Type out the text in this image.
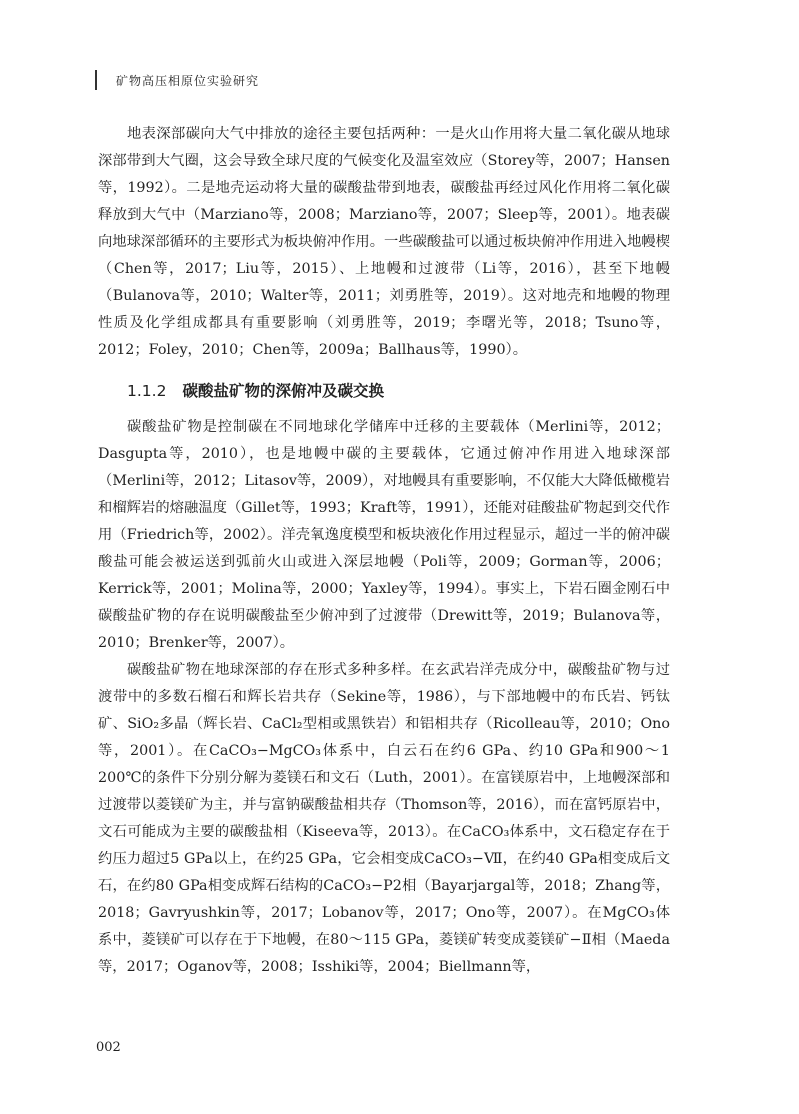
矿物高压相原位实验研究

地表深部碳向大气中排放的途径主要包括两种：一是火山作用将大量二氧化碳从地球深部带到大气圈，这会导致全球尺度的气候变化及温室效应（Storey等，2007；Hansen等，1992）。二是地壳运动将大量的碳酸盐带到地表，碳酸盐再经过风化作用将二氧化碳释放到大气中（Marziano等，2008；Marziano等，2007；Sleep等，2001）。地表碳向地球深部循环的主要形式为板块俯冲作用。一些碳酸盐可以通过板块俯冲作用进入地幔楔（Chen等，2017；Liu等，2015）、上地幔和过渡带（Li等，2016），甚至下地幔（Bulanova等，2010；Walter等，2011；刘勇胜等，2019）。这对地壳和地幔的物理性质及化学组成都具有重要影响（刘勇胜等，2019；李曙光等，2018；Tsuno等，2012；Foley，2010；Chen等，2009a；Ballhaus等，1990）。

1.1.2 碳酸盐矿物的深俯冲及碳交换

碳酸盐矿物是控制碳在不同地球化学储库中迁移的主要载体（Merlini等，2012；Dasgupta等，2010），也是地幔中碳的主要载体，它通过俯冲作用进入地球深部（Merlini等，2012；Litasov等，2009），对地幔具有重要影响，不仅能大大降低橄榄岩和榴辉岩的熔融温度（Gillet等，1993；Kraft等，1991），还能对硅酸盐矿物起到交代作用（Friedrich等，2002）。洋壳氧逸度模型和板块液化作用过程显示，超过一半的俯冲碳酸盐可能会被运送到弧前火山或进入深层地幔（Poli等，2009；Gorman等，2006；Kerrick等，2001；Molina等，2000；Yaxley等，1994）。事实上，下岩石圈金刚石中碳酸盐矿物的存在说明碳酸盐至少俯冲到了过渡带（Drewitt等，2019；Bulanova等，2010；Brenker等，2007）。

碳酸盐矿物在地球深部的存在形式多种多样。在玄武岩洋壳成分中，碳酸盐矿物与过渡带中的多数石榴石和辉长岩共存（Sekine等，1986），与下部地幔中的布氏岩、钙钛矿、SiO₂多晶（辉长岩、CaCl₂型相或黑铁岩）和铝相共存（Ricolleau等，2010；Ono等，2001）。在CaCO₃−MgCO₃体系中，白云石在约6 GPa、约10 GPa和900～1 200℃的条件下分别分解为菱镁石和文石（Luth，2001）。在富镁原岩中，上地幔深部和过渡带以菱镁矿为主，并与富钠碳酸盐相共存（Thomson等，2016），而在富钙原岩中，文石可能成为主要的碳酸盐相（Kiseeva等，2013）。在CaCO₃体系中，文石稳定存在于约压力超过5 GPa以上，在约25 GPa，它会相变成CaCO₃−Ⅶ，在约40 GPa相变成后文石，在约80 GPa相变成辉石结构的CaCO₃−P2相（Bayarjargal等，2018；Zhang等，2018；Gavryushkin等，2017；Lobanov等，2017；Ono等，2007）。在MgCO₃体系中，菱镁矿可以存在于下地幔，在80～115 GPa，菱镁矿转变成菱镁矿−Ⅱ相（Maeda等，2017；Oganov等，2008；Isshiki等，2004；Biellmann等，

002
